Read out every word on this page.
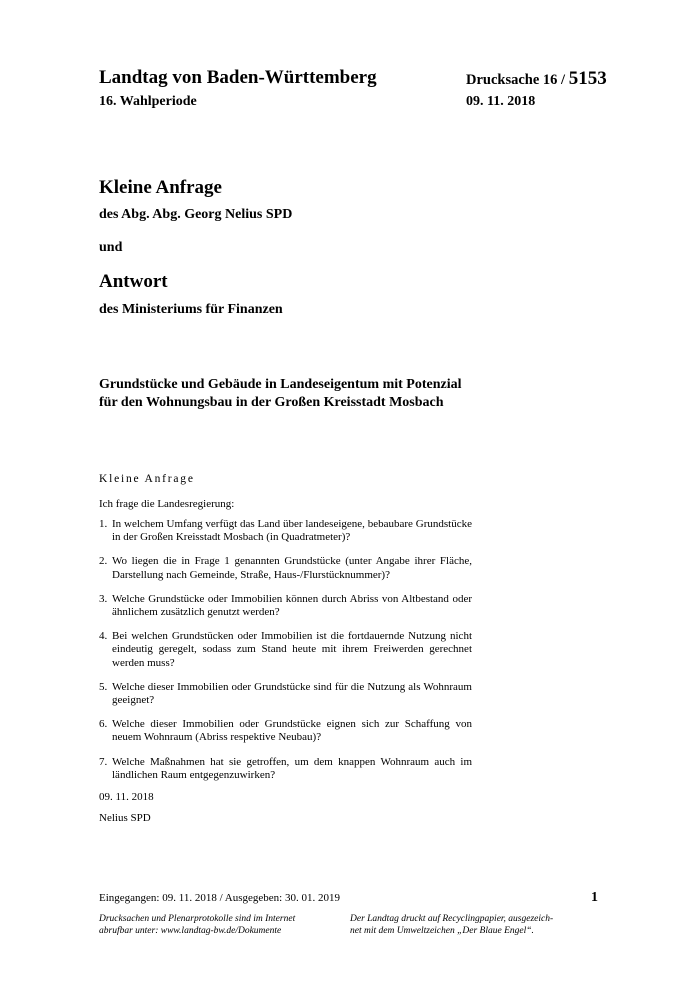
Landtag von Baden-Württemberg
16. Wahlperiode
Drucksache 16 / 5153
09. 11. 2018
Kleine Anfrage
des Abg. Abg. Georg Nelius SPD
und
Antwort
des Ministeriums für Finanzen
Grundstücke und Gebäude in Landeseigentum mit Potenzial
für den Wohnungsbau in der Großen Kreisstadt Mosbach
Kleine Anfrage
Ich frage die Landesregierung:
1. In welchem Umfang verfügt das Land über landeseigene, bebaubare Grundstücke in der Großen Kreisstadt Mosbach (in Quadratmeter)?
2. Wo liegen die in Frage 1 genannten Grundstücke (unter Angabe ihrer Fläche, Darstellung nach Gemeinde, Straße, Haus-/Flurstücknummer)?
3. Welche Grundstücke oder Immobilien können durch Abriss von Altbestand oder ähnlichem zusätzlich genutzt werden?
4. Bei welchen Grundstücken oder Immobilien ist die fortdauernde Nutzung nicht eindeutig geregelt, sodass zum Stand heute mit ihrem Freiwerden gerechnet werden muss?
5. Welche dieser Immobilien oder Grundstücke sind für die Nutzung als Wohnraum geeignet?
6. Welche dieser Immobilien oder Grundstücke eignen sich zur Schaffung von neuem Wohnraum (Abriss respektive Neubau)?
7. Welche Maßnahmen hat sie getroffen, um dem knappen Wohnraum auch im ländlichen Raum entgegenzuwirken?
09. 11. 2018
Nelius SPD
Eingegangen: 09. 11. 2018 / Ausgegeben: 30. 01. 2019	1
Drucksachen und Plenarprotokolle sind im Internet
abrufbar unter: www.landtag-bw.de/Dokumente
Der Landtag druckt auf Recyclingpapier, ausgezeich-
net mit dem Umweltzeichen „Der Blaue Engel“.
